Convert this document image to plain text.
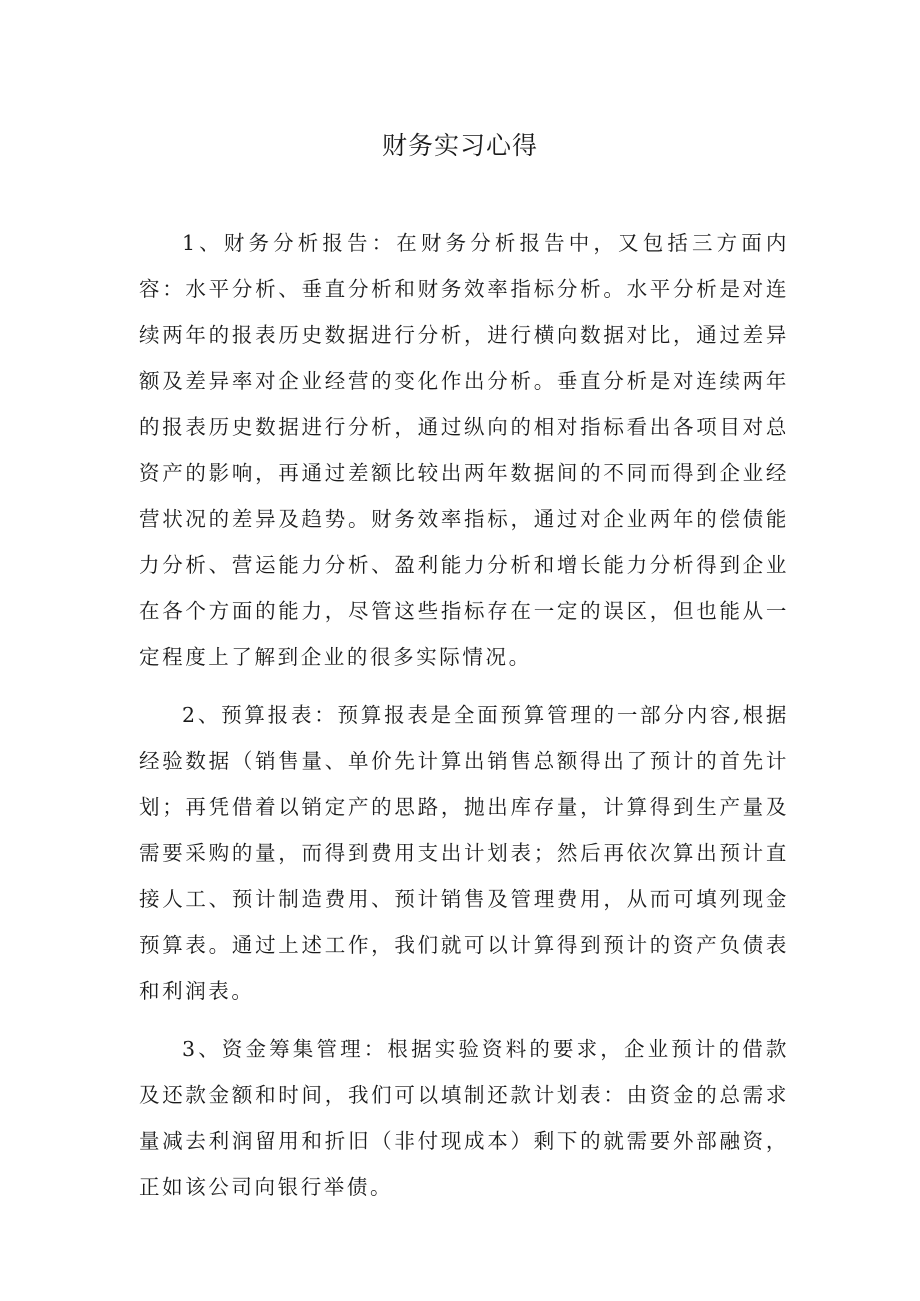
财务实习心得

1、财务分析报告：在财务分析报告中，又包括三方面内容：水平分析、垂直分析和财务效率指标分析。水平分析是对连续两年的报表历史数据进行分析，进行横向数据对比，通过差异额及差异率对企业经营的变化作出分析。垂直分析是对连续两年的报表历史数据进行分析，通过纵向的相对指标看出各项目对总资产的影响，再通过差额比较出两年数据间的不同而得到企业经营状况的差异及趋势。财务效率指标，通过对企业两年的偿债能力分析、营运能力分析、盈利能力分析和增长能力分析得到企业在各个方面的能力，尽管这些指标存在一定的误区，但也能从一定程度上了解到企业的很多实际情况。

2、预算报表：预算报表是全面预算管理的一部分内容,根据经验数据（销售量、单价先计算出销售总额得出了预计的首先计划；再凭借着以销定产的思路，抛出库存量，计算得到生产量及需要采购的量，而得到费用支出计划表；然后再依次算出预计直接人工、预计制造费用、预计销售及管理费用，从而可填列现金预算表。通过上述工作，我们就可以计算得到预计的资产负债表和利润表。

3、资金筹集管理：根据实验资料的要求，企业预计的借款及还款金额和时间，我们可以填制还款计划表：由资金的总需求量减去利润留用和折旧（非付现成本）剩下的就需要外部融资，正如该公司向银行举债。
